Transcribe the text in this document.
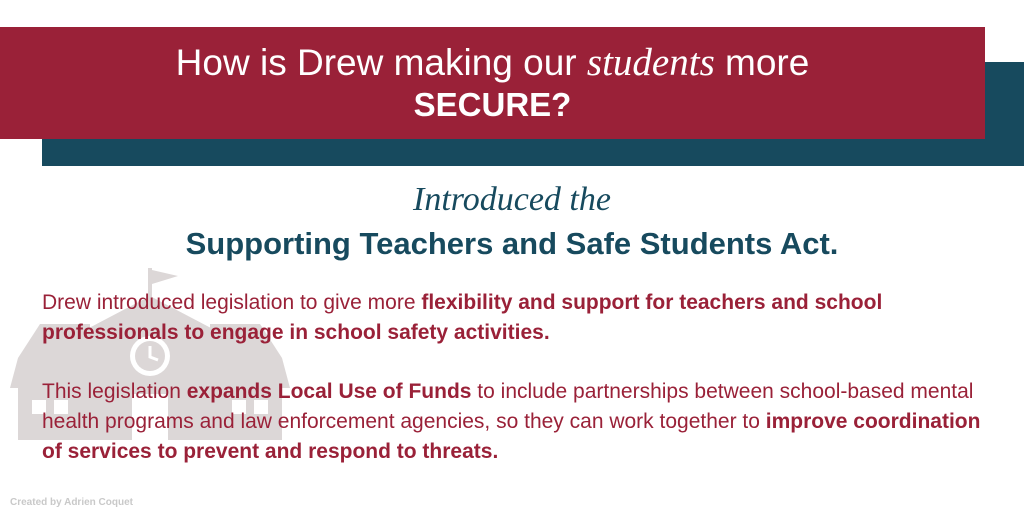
How is Drew making our students more
SECURE?
Introduced the
Supporting Teachers and Safe Students Act.

Drew introduced legislation to give more flexibility and support for teachers and school professionals to engage in school safety activities.

This legislation expands Local Use of Funds to include partnerships between school-based mental health programs and law enforcement agencies, so they can work together to improve coordination of services to prevent and respond to threats.

Created by Adrien Coquet
